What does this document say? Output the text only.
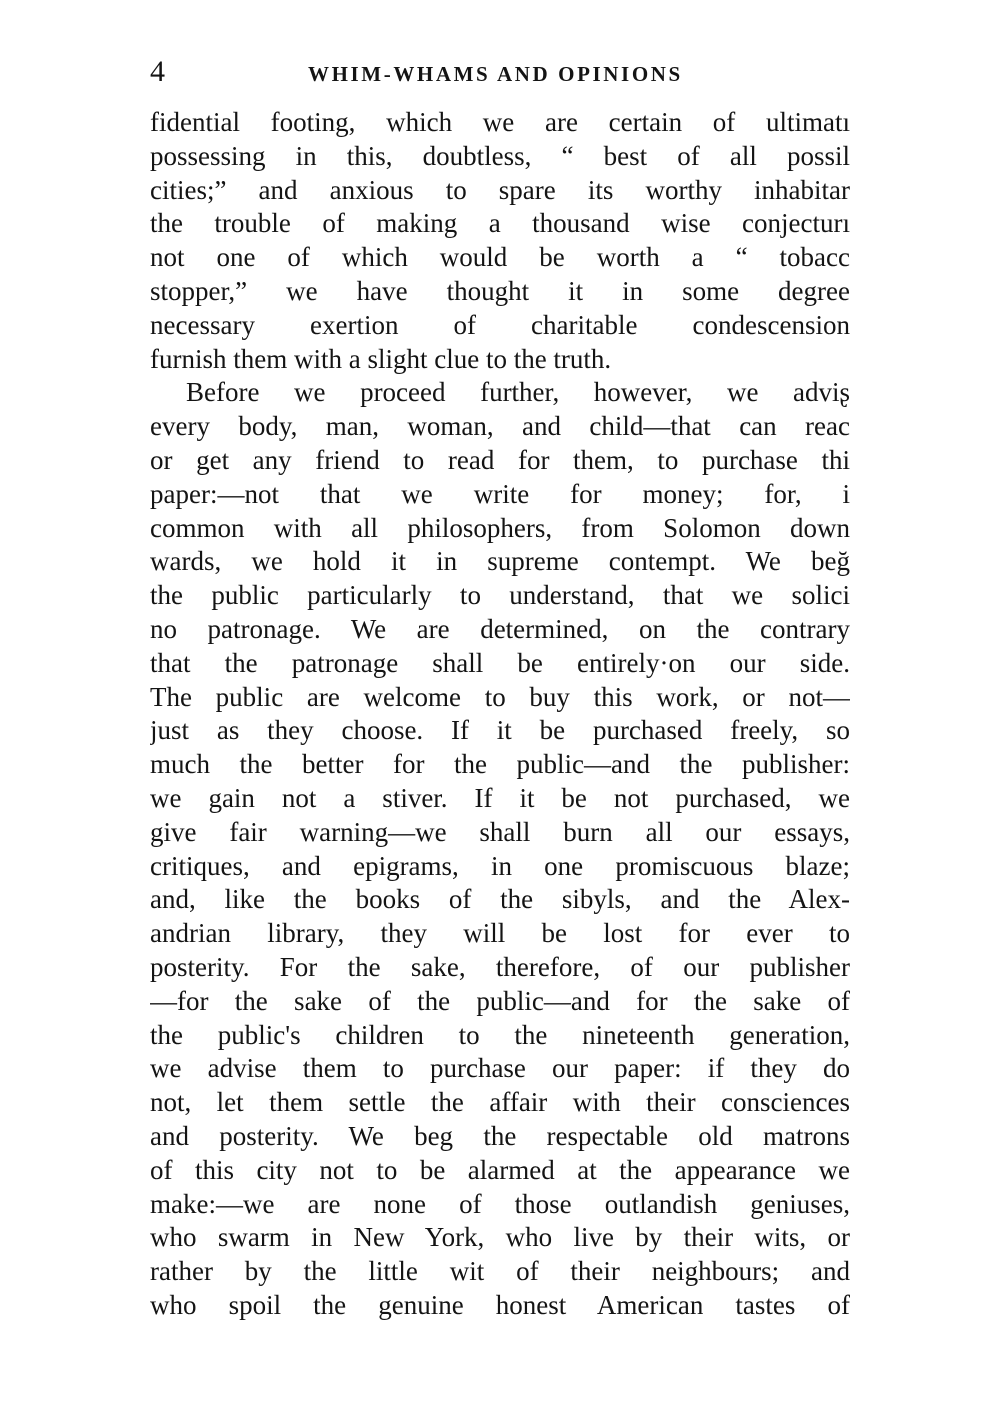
4	WHIM-WHAMS AND OPINIONS
fidential footing, which we are certain of ultimatı
possessing in this, doubtless, “ best of all possil
cities;” and anxious to spare its worthy inhabitar
the trouble of making a thousand wise conjecturı
not one of which would be worth a “ tobacc
stopper,” we have thought it in some degree
necessary exertion of charitable condescension
furnish them with a slight clue to the truth.
Before we proceed further, however, we adviʂ
every body, man, woman, and child—that can reaс
or get any friend to read for them, to purchase thi
paper:—not that we write for money; for, i
common with all philosophers, from Solomon down
wards, we hold it in supreme contempt. We beğ
the public particularly to understand, that we solici
no patronage. We are determined, on the contrary
that the patronage shall be entirely·on our side.
The public are welcome to buy this work, or not—
just as they choose. If it be purchased freely, so
much the better for the public—and the publisher:
we gain not a stiver. If it be not purchased, we
give fair warning—we shall burn all our essays,
critiques, and epigrams, in one promiscuous blaze;
and, like the books of the sibyls, and the Alex-
andrian library, they will be lost for ever to
posterity. For the sake, therefore, of our publisher
—for the sake of the public—and for the sake of
the public's children to the nineteenth generation,
we advise them to purchase our paper: if they do
not, let them settle the affair with their consciences
and posterity. We beg the respectable old matrons
of this city not to be alarmed at the appearance we
make:—we are none of those outlandish geniuses,
who swarm in New York, who live by their wits, or
rather by the little wit of their neighbours; and
who spoil the genuine honest American tastes of
